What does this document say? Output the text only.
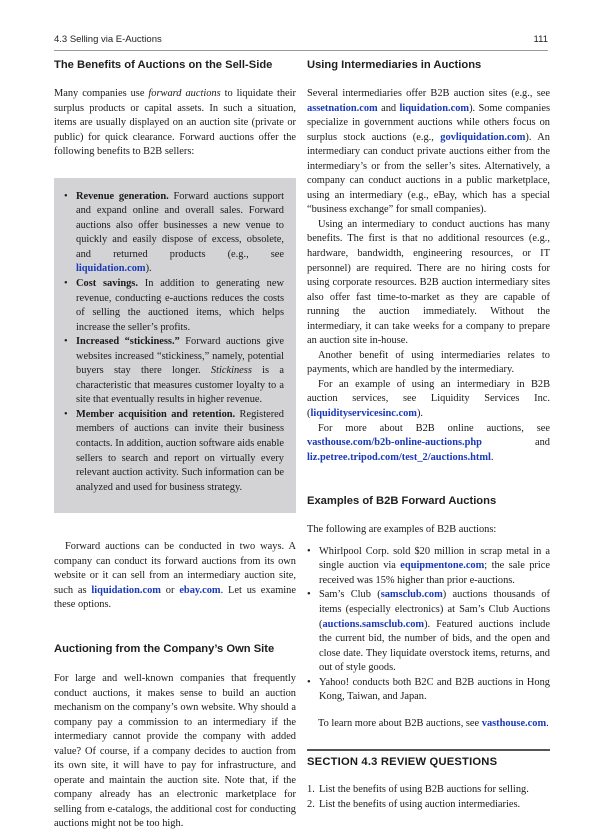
4.3 Selling via E-Auctions	111
The Benefits of Auctions on the Sell-Side

Many companies use forward auctions to liquidate their surplus products or capital assets. In such a situation, items are usually displayed on an auction site (private or public) for quick clearance. Forward auctions offer the following benefits to B2B sellers:

• Revenue generation. Forward auctions support and expand online and overall sales. Forward auctions also offer businesses a new venue to quickly and easily dispose of excess, obsolete, and returned products (e.g., see liquidation.com).
• Cost savings. In addition to generating new revenue, conducting e-auctions reduces the costs of selling the auctioned items, which helps increase the seller’s profits.
• Increased “stickiness.” Forward auctions give websites increased “stickiness,” namely, potential buyers stay there longer. Stickiness is a characteristic that measures customer loyalty to a site that eventually results in higher revenue.
• Member acquisition and retention. Registered members of auctions can invite their business contacts. In addition, auction software aids enable sellers to search and report on virtually every relevant auction activity. Such information can be analyzed and used for business strategy.

Forward auctions can be conducted in two ways. A company can conduct its forward auctions from its own website or it can sell from an intermediary auction site, such as liquidation.com or ebay.com. Let us examine these options.

Auctioning from the Company’s Own Site

For large and well-known companies that frequently conduct auctions, it makes sense to build an auction mechanism on the company’s own website. Why should a company pay a commission to an intermediary if the intermediary cannot provide the company with added value? Of course, if a company decides to auction from its own site, it will have to pay for infrastructure, and operate and maintain the auction site. Note that, if the company already has an electronic marketplace for selling from e-catalogs, the additional cost for conducting auctions might not be too high.

Using Intermediaries in Auctions

Several intermediaries offer B2B auction sites (e.g., see assetnation.com and liquidation.com). Some companies specialize in government auctions while others focus on surplus stock auctions (e.g., govliquidation.com). An intermediary can conduct private auctions either from the intermediary’s or from the seller’s sites. Alternatively, a company can conduct auctions in a public marketplace, using an intermediary (e.g., eBay, which has a special “business exchange” for small companies).

Using an intermediary to conduct auctions has many benefits. The first is that no additional resources (e.g., hardware, bandwidth, engineering resources, or IT personnel) are required. There are no hiring costs for using corporate resources. B2B auction intermediary sites also offer fast time-to-market as they are capable of running the auction immediately. Without the intermediary, it can take weeks for a company to prepare an auction site in-house.

Another benefit of using intermediaries relates to payments, which are handled by the intermediary.

For an example of using an intermediary in B2B auction services, see Liquidity Services Inc. (liquidityservicesinc.com).

For more about B2B online auctions, see vasthouse.com/b2b-online-auctions.php and liz.petree.tripod.com/test_2/auctions.html.

Examples of B2B Forward Auctions

The following are examples of B2B auctions:

• Whirlpool Corp. sold $20 million in scrap metal in a single auction via equipmentone.com; the sale price received was 15% higher than prior e-auctions.
• Sam’s Club (samsclub.com) auctions thousands of items (especially electronics) at Sam’s Club Auctions (auctions.samsclub.com). Featured auctions include the current bid, the number of bids, and the open and close date. They liquidate overstock items, returns, and out of style goods.
• Yahoo! conducts both B2C and B2B auctions in Hong Kong, Taiwan, and Japan.

To learn more about B2B auctions, see vasthouse.com.

SECTION 4.3 REVIEW QUESTIONS
1. List the benefits of using B2B auctions for selling.
2. List the benefits of using auction intermediaries.
